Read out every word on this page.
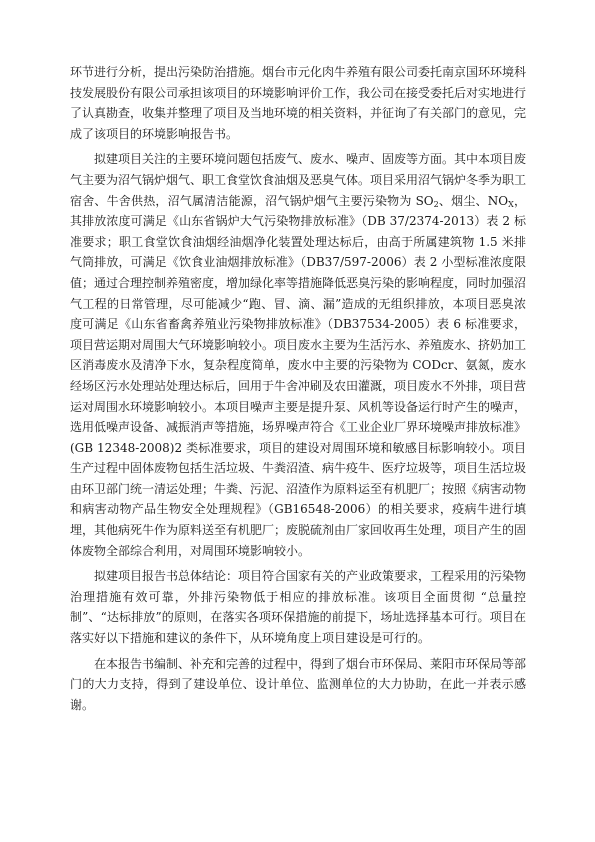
环节进行分析，提出污染防治措施。烟台市元化肉牛养殖有限公司委托南京国环环境科技发展股份有限公司承担该项目的环境影响评价工作，我公司在接受委托后对实地进行了认真勘查，收集并整理了项目及当地环境的相关资料，并征询了有关部门的意见，完成了该项目的环境影响报告书。

拟建项目关注的主要环境问题包括废气、废水、噪声、固废等方面。其中本项目废气主要为沼气锅炉烟气、职工食堂饮食油烟及恶臭气体。项目采用沼气锅炉冬季为职工宿舍、牛舍供热，沼气属清洁能源，沼气锅炉烟气主要污染物为 $SO_2$、烟尘、$NO_X$，其排放浓度可满足《山东省锅炉大气污染物排放标准》（DB 37/2374-2013）表 2 标准要求；职工食堂饮食油烟经油烟净化装置处理达标后，由高于所属建筑物 1.5 米排气筒排放，可满足《饮食业油烟排放标准》（DB37/597-2006）表 2 小型标准浓度限值；通过合理控制养殖密度，增加绿化率等措施降低恶臭污染的影响程度，同时加强沼气工程的日常管理，尽可能减少“跑、冒、滴、漏”造成的无组织排放，本项目恶臭浓度可满足《山东省畜禽养殖业污染物排放标准》（DB37534-2005）表 6 标准要求，项目营运期对周围大气环境影响较小。项目废水主要为生活污水、养殖废水、挤奶加工区消毒废水及清净下水，复杂程度简单，废水中主要的污染物为 CODcr、氨氮，废水经场区污水处理站处理达标后，回用于牛舍冲刷及农田灌溉，项目废水不外排，项目营运对周围水环境影响较小。本项目噪声主要是提升泵、风机等设备运行时产生的噪声，选用低噪声设备、减振消声等措施，场界噪声符合《工业企业厂界环境噪声排放标准》(GB 12348-2008)2 类标准要求，项目的建设对周围环境和敏感目标影响较小。项目生产过程中固体废物包括生活垃圾、牛粪沼渣、病牛疫牛、医疗垃圾等，项目生活垃圾由环卫部门统一清运处理；牛粪、污泥、沼渣作为原料运至有机肥厂；按照《病害动物和病害动物产品生物安全处理规程》（GB16548-2006）的相关要求，疫病牛进行填埋，其他病死牛作为原料送至有机肥厂；废脱硫剂由厂家回收再生处理，项目产生的固体废物全部综合利用，对周围环境影响较小。

拟建项目报告书总体结论：项目符合国家有关的产业政策要求，工程采用的污染物治理措施有效可靠，外排污染物低于相应的排放标准。该项目全面贯彻 “总量控制”、“达标排放”的原则，在落实各项环保措施的前提下，场址选择基本可行。项目在落实好以下措施和建议的条件下，从环境角度上项目建设是可行的。

在本报告书编制、补充和完善的过程中，得到了烟台市环保局、莱阳市环保局等部门的大力支持，得到了建设单位、设计单位、监测单位的大力协助，在此一并表示感谢。
